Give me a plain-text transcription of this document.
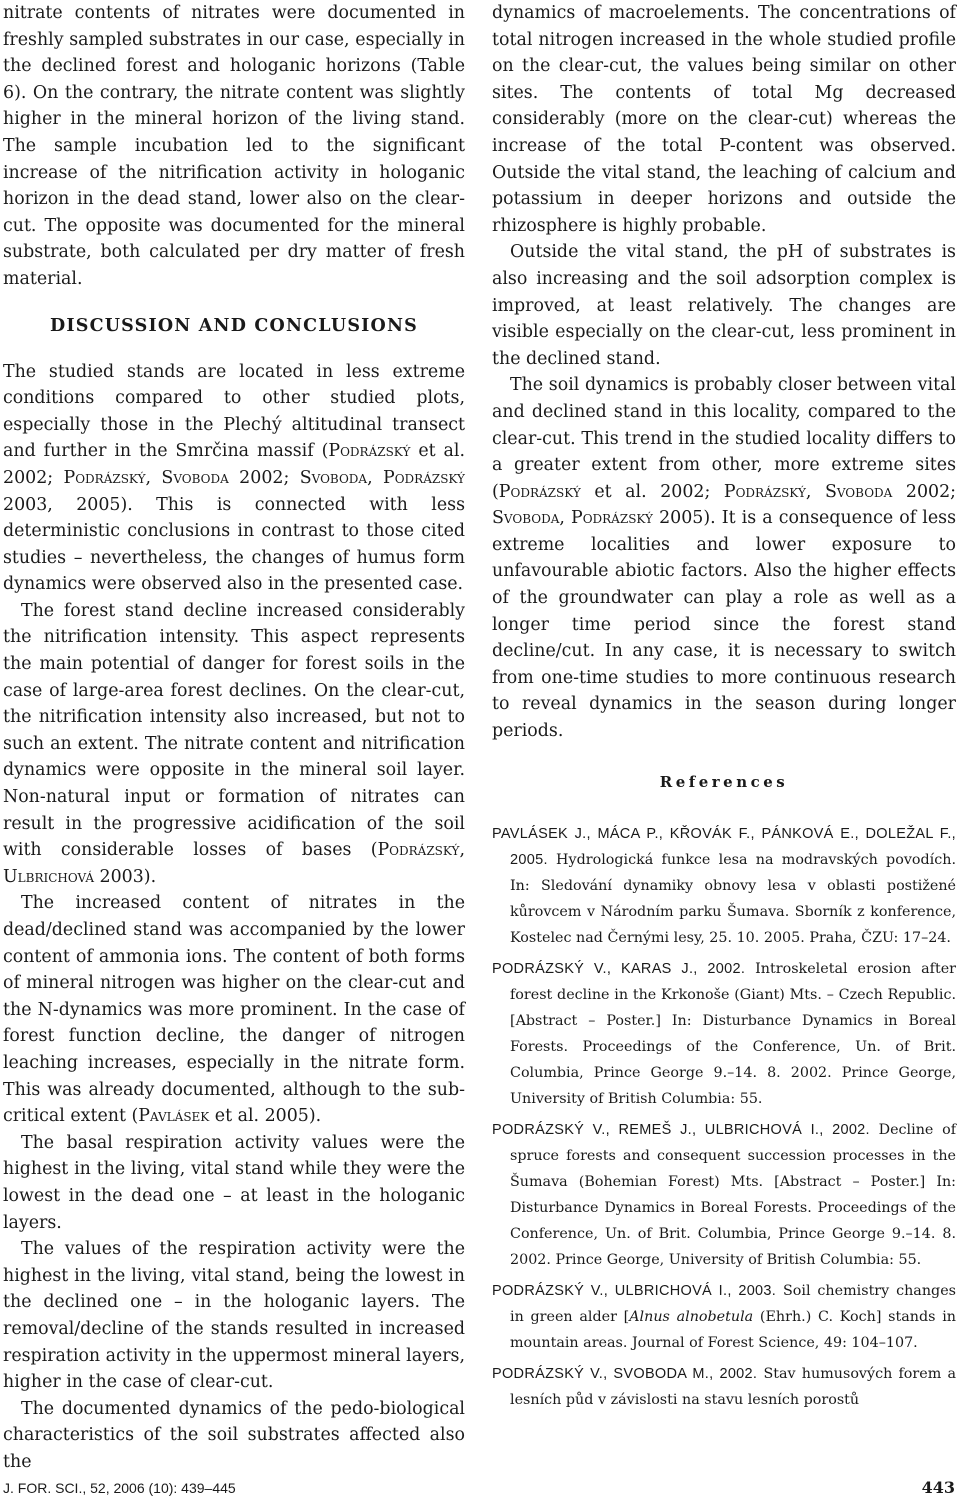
nitrate contents of nitrates were documented in freshly sampled substrates in our case, especially in the declined forest and hologanic horizons (Table 6). On the contrary, the nitrate content was slightly higher in the mineral horizon of the living stand. The sample incubation led to the significant increase of the nitrification activity in hologanic horizon in the dead stand, lower also on the clear-cut. The opposite was documented for the mineral substrate, both calculated per dry matter of fresh material.

DISCUSSION AND CONCLUSIONS

The studied stands are located in less extreme conditions compared to other studied plots, especially those in the Plechý altitudinal transect and further in the Smrčina massif (Podrázský et al. 2002; Podrázský, Svoboda 2002; Svoboda, Podrázský 2003, 2005). This is connected with less deterministic conclusions in contrast to those cited studies – nevertheless, the changes of humus form dynamics were observed also in the presented case.

The forest stand decline increased considerably the nitrification intensity. This aspect represents the main potential of danger for forest soils in the case of large-area forest declines. On the clear-cut, the nitrification intensity also increased, but not to such an extent. The nitrate content and nitrification dynamics were opposite in the mineral soil layer. Non-natural input or formation of nitrates can result in the progressive acidification of the soil with considerable losses of bases (Podrázský, Ulbrichová 2003).

The increased content of nitrates in the dead/declined stand was accompanied by the lower content of ammonia ions. The content of both forms of mineral nitrogen was higher on the clear-cut and the N-dynamics was more prominent. In the case of forest function decline, the danger of nitrogen leaching increases, especially in the nitrate form. This was already documented, although to the sub-critical extent (Pavlásek et al. 2005).

The basal respiration activity values were the highest in the living, vital stand while they were the lowest in the dead one – at least in the hologanic layers.

The values of the respiration activity were the highest in the living, vital stand, being the lowest in the declined one – in the hologanic layers. The removal/decline of the stands resulted in increased respiration activity in the uppermost mineral layers, higher in the case of clear-cut.

The documented dynamics of the pedo-biological characteristics of the soil substrates affected also the

dynamics of macroelements. The concentrations of total nitrogen increased in the whole studied profile on the clear-cut, the values being similar on other sites. The contents of total Mg decreased considerably (more on the clear-cut) whereas the increase of the total P-content was observed. Outside the vital stand, the leaching of calcium and potassium in deeper horizons and outside the rhizosphere is highly probable.

Outside the vital stand, the pH of substrates is also increasing and the soil adsorption complex is improved, at least relatively. The changes are visible especially on the clear-cut, less prominent in the declined stand.

The soil dynamics is probably closer between vital and declined stand in this locality, compared to the clear-cut. This trend in the studied locality differs to a greater extent from other, more extreme sites (Podrázský et al. 2002; Podrázský, Svoboda 2002; Svoboda, Podrázský 2005). It is a consequence of less extreme localities and lower exposure to unfavourable abiotic factors. Also the higher effects of the groundwater can play a role as well as a longer time period since the forest stand decline/cut. In any case, it is necessary to switch from one-time studies to more continuous research to reveal dynamics in the season during longer periods.

References

PAVLÁSEK J., MÁCA P., KŘOVÁK F., PÁNKOVÁ E., DOLEŽAL F., 2005. Hydrologická funkce lesa na modravských povodích. In: Sledování dynamiky obnovy lesa v oblasti postižené kůrovcem v Národním parku Šumava. Sborník z konference, Kostelec nad Černými lesy, 25. 10. 2005. Praha, ČZU: 17–24.

PODRÁZSKÝ V., KARAS J., 2002. Introskeletal erosion after forest decline in the Krkonoše (Giant) Mts. – Czech Republic. [Abstract – Poster.] In: Disturbance Dynamics in Boreal Forests. Proceedings of the Conference, Un. of Brit. Columbia, Prince George 9.–14. 8. 2002. Prince George, University of British Columbia: 55.

PODRÁZSKÝ V., REMEŠ J., ULBRICHOVÁ I., 2002. Decline of spruce forests and consequent succession processes in the Šumava (Bohemian Forest) Mts. [Abstract – Poster.] In: Disturbance Dynamics in Boreal Forests. Proceedings of the Conference, Un. of Brit. Columbia, Prince George 9.–14. 8. 2002. Prince George, University of British Columbia: 55.

PODRÁZSKÝ V., ULBRICHOVÁ I., 2003. Soil chemistry changes in green alder [Alnus alnobetula (Ehrh.) C. Koch] stands in mountain areas. Journal of Forest Science, 49: 104–107.

PODRÁZSKÝ V., SVOBODA M., 2002. Stav humusových forem a lesních půd v závislosti na stavu lesních porostů

J. FOR. SCI., 52, 2006 (10): 439–445	443
